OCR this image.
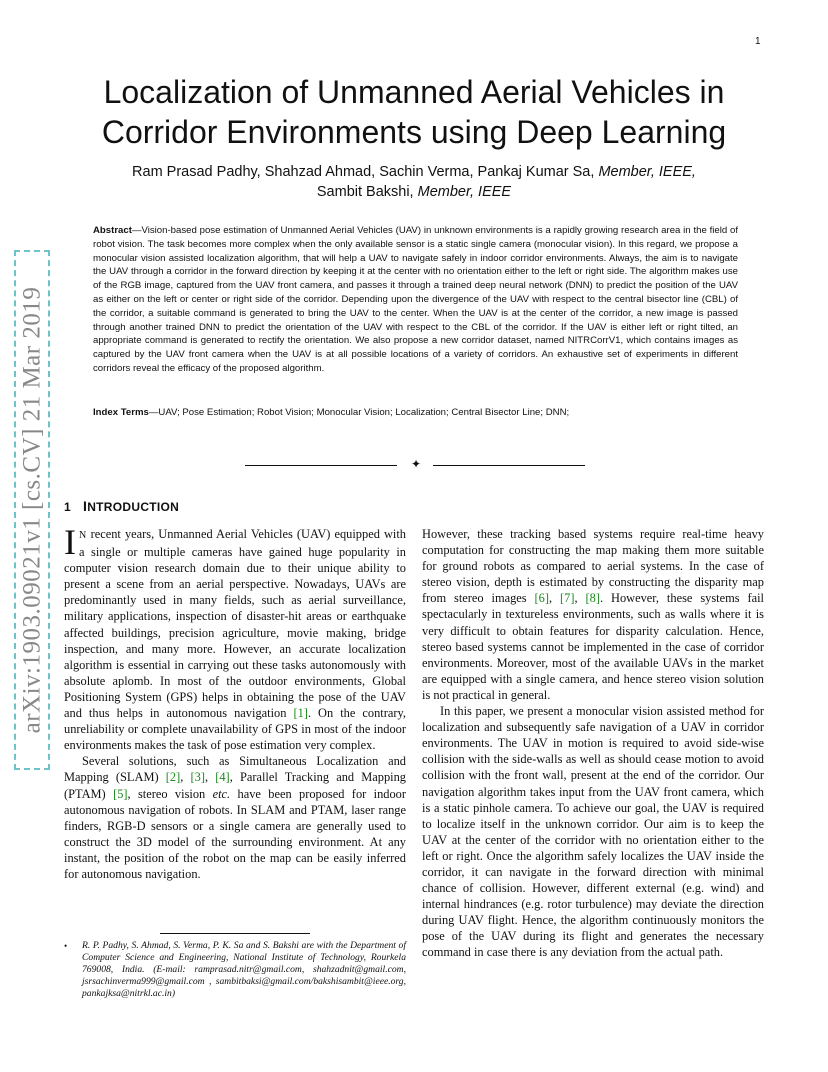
1
arXiv:1903.09021v1 [cs.CV] 21 Mar 2019
Localization of Unmanned Aerial Vehicles in
Corridor Environments using Deep Learning
Ram Prasad Padhy, Shahzad Ahmad, Sachin Verma, Pankaj Kumar Sa, Member, IEEE,
Sambit Bakshi, Member, IEEE

Abstract—Vision-based pose estimation of Unmanned Aerial Vehicles (UAV) in unknown environments is a rapidly growing research area in the field of robot vision. The task becomes more complex when the only available sensor is a static single camera (monocular vision). In this regard, we propose a monocular vision assisted localization algorithm, that will help a UAV to navigate safely in indoor corridor environments. Always, the aim is to navigate the UAV through a corridor in the forward direction by keeping it at the center with no orientation either to the left or right side. The algorithm makes use of the RGB image, captured from the UAV front camera, and passes it through a trained deep neural network (DNN) to predict the position of the UAV as either on the left or center or right side of the corridor. Depending upon the divergence of the UAV with respect to the central bisector line (CBL) of the corridor, a suitable command is generated to bring the UAV to the center. When the UAV is at the center of the corridor, a new image is passed through another trained DNN to predict the orientation of the UAV with respect to the CBL of the corridor. If the UAV is either left or right tilted, an appropriate command is generated to rectify the orientation. We also propose a new corridor dataset, named NITRCorrV1, which contains images as captured by the UAV front camera when the UAV is at all possible locations of a variety of corridors. An exhaustive set of experiments in different corridors reveal the efficacy of the proposed algorithm.

Index Terms—UAV; Pose Estimation; Robot Vision; Monocular Vision; Localization; Central Bisector Line; DNN;

✦
1 INTRODUCTION

I N recent years, Unmanned Aerial Vehicles (UAV) equipped with a single or multiple cameras have gained huge popularity in computer vision research domain due to their unique ability to present a scene from an aerial perspective. Nowadays, UAVs are predominantly used in many fields, such as aerial surveillance, military applications, inspection of disaster-hit areas or earthquake affected buildings, precision agriculture, movie making, bridge inspection, and many more. However, an accurate localization algorithm is essential in carrying out these tasks autonomously with absolute aplomb. In most of the outdoor environments, Global Positioning System (GPS) helps in obtaining the pose of the UAV and thus helps in autonomous navigation [1]. On the contrary, unreliability or complete unavailability of GPS in most of the indoor environments makes the task of pose estimation very complex.

Several solutions, such as Simultaneous Localization and Mapping (SLAM) [2], [3], [4], Parallel Tracking and Mapping (PTAM) [5], stereo vision etc. have been proposed for indoor autonomous navigation of robots. In SLAM and PTAM, laser range finders, RGB-D sensors or a single camera are generally used to construct the 3D model of the surrounding environment. At any instant, the position of the robot on the map can be easily inferred for autonomous navigation.

• R. P. Padhy, S. Ahmad, S. Verma, P. K. Sa and S. Bakshi are with the Department of Computer Science and Engineering, National Institute of Technology, Rourkela 769008, India. (E-mail: ramprasad.nitr@gmail.com, shahzadnit@gmail.com, jsrsachinverma999@gmail.com , sambitbaksi@gmail.com/bakshisambit@ieee.org, pankajksa@nitrkl.ac.in)

However, these tracking based systems require real-time heavy computation for constructing the map making them more suitable for ground robots as compared to aerial systems. In the case of stereo vision, depth is estimated by constructing the disparity map from stereo images [6], [7], [8]. However, these systems fail spectacularly in textureless environments, such as walls where it is very difficult to obtain features for disparity calculation. Hence, stereo based systems cannot be implemented in the case of corridor environments. Moreover, most of the available UAVs in the market are equipped with a single camera, and hence stereo vision solution is not practical in general.

In this paper, we present a monocular vision assisted method for localization and subsequently safe navigation of a UAV in corridor environments. The UAV in motion is required to avoid side-wise collision with the side-walls as well as should cease motion to avoid collision with the front wall, present at the end of the corridor. Our navigation algorithm takes input from the UAV front camera, which is a static pinhole camera. To achieve our goal, the UAV is required to localize itself in the unknown corridor. Our aim is to keep the UAV at the center of the corridor with no orientation either to the left or right. Once the algorithm safely localizes the UAV inside the corridor, it can navigate in the forward direction with minimal chance of collision. However, different external (e.g. wind) and internal hindrances (e.g. rotor turbulence) may deviate the direction during UAV flight. Hence, the algorithm continuously monitors the pose of the UAV during its flight and generates the necessary command in case there is any deviation from the actual path.
